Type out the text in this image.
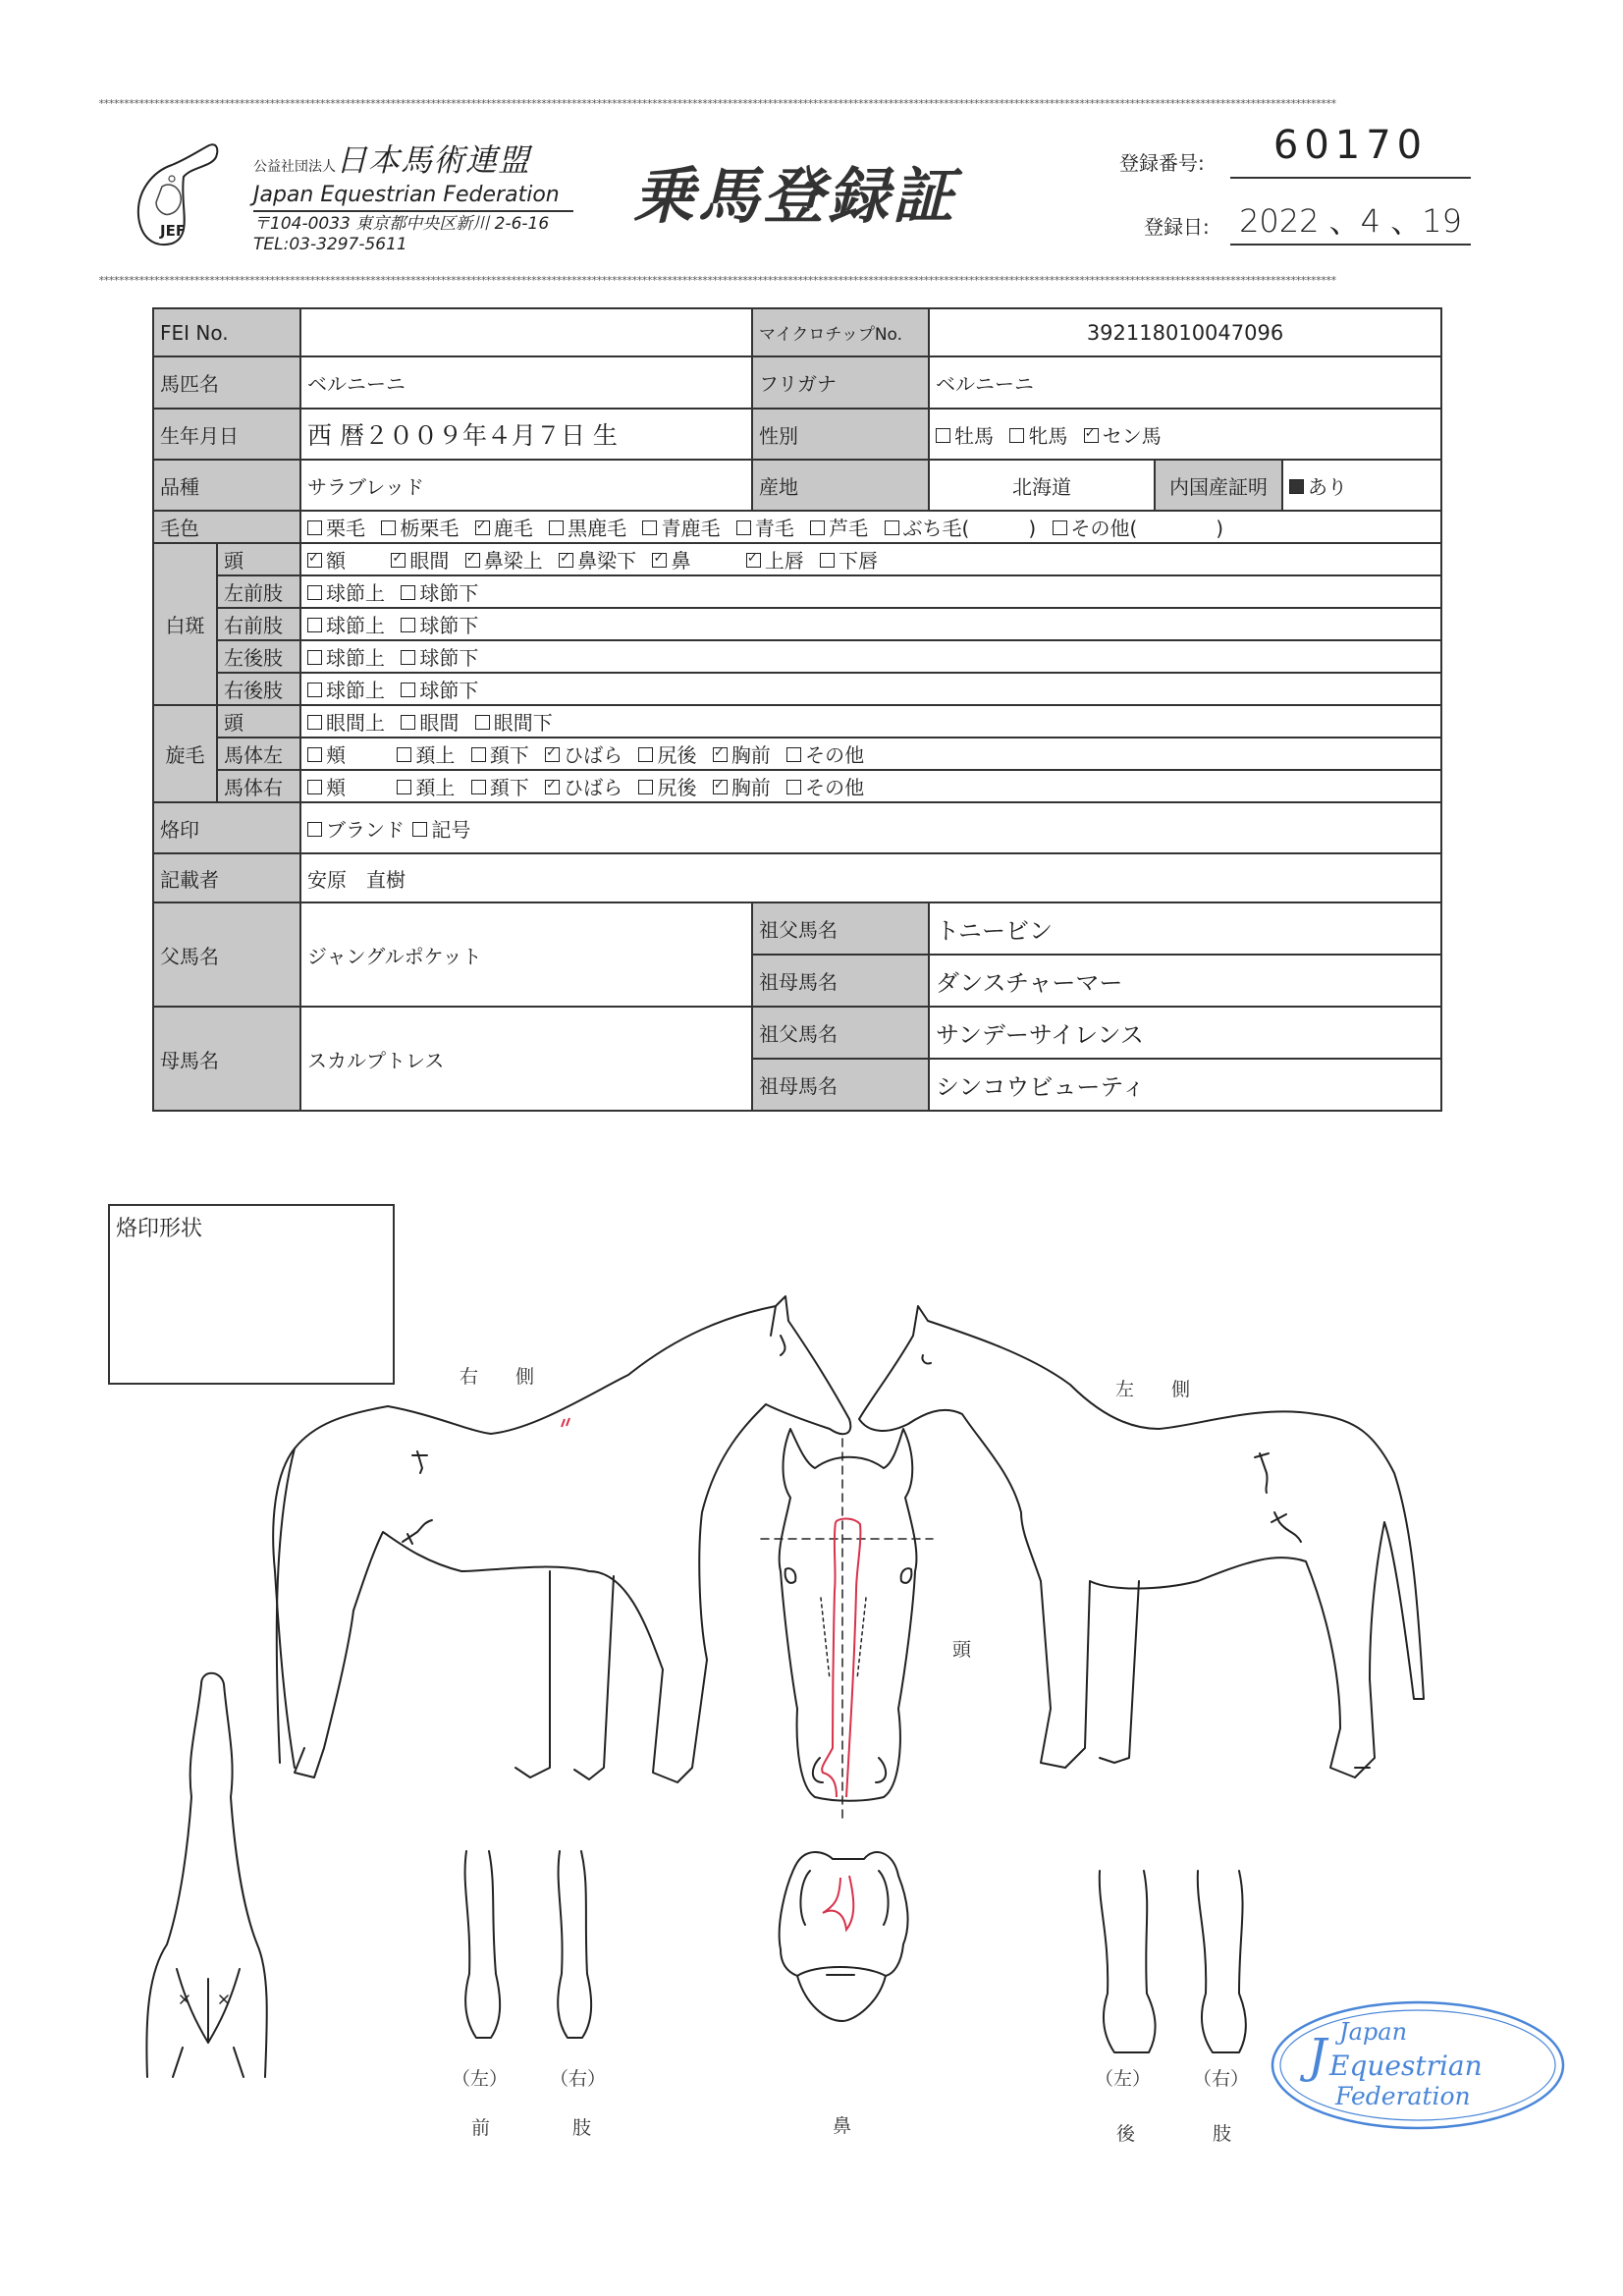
******************************************************************************************************************************************************************************************************************************************************
******************************************************************************************************************************************************************************************************************************************************
JEF
公益社団法人日本馬術連盟
Japan Equestrian Federation
〒104-0033 東京都中央区新川 2-6-16
TEL:03-3297-5611
乗馬登録証	登録番号:	60170
登録日: 2022 、4 、19
FEI No.			マイクロチップNo.	392118010047096		
馬匹名		ベルニーニ	フリガナ	ベルニーニ		
生年月日		西 暦２００９年４月７日 生	性別	牡馬 牝馬 ✓ セン馬
品種		サラブレッド	産地	北海道	内国産証明	あり
毛色		栗毛 栃栗毛 ✓ 鹿毛 黒鹿毛 青鹿毛 青毛 芦毛 ぶち毛(　　　) その他(　　　　)
白斑	頭	✓額 ✓ 眼間 ✓ 鼻梁上 ✓ 鼻梁下 ✓ 鼻 ✓ 上唇 下唇
	左前肢	球節上 球節下				
	右前肢	球節上 球節下				
	左後肢	球節上 球節下				
	右後肢	球節上 球節下				
旋毛	頭	眼間上 眼間 眼間下				
	馬体左	頬 頚上 頚下 ✓ ひばら 尻後 ✓ 胸前 その他
	馬体右	頬 頚上 頚下 ✓ ひばら 尻後 ✓ 胸前 その他
烙印		ブランド 記号				
記載者		安原　直樹				
父馬名		ジャングルポケット	祖父馬名	トニービン		
			祖母馬名	ダンスチャーマー		
母馬名		スカルプトレス	祖父馬名	サンデーサイレンス		
			祖母馬名	シンコウビューティ		
烙印形状
右　　側
左　　側
頭
鼻
（左） （右）
前	肢
（左） （右）
後	肢
J Japan
Equestrian
Federation
